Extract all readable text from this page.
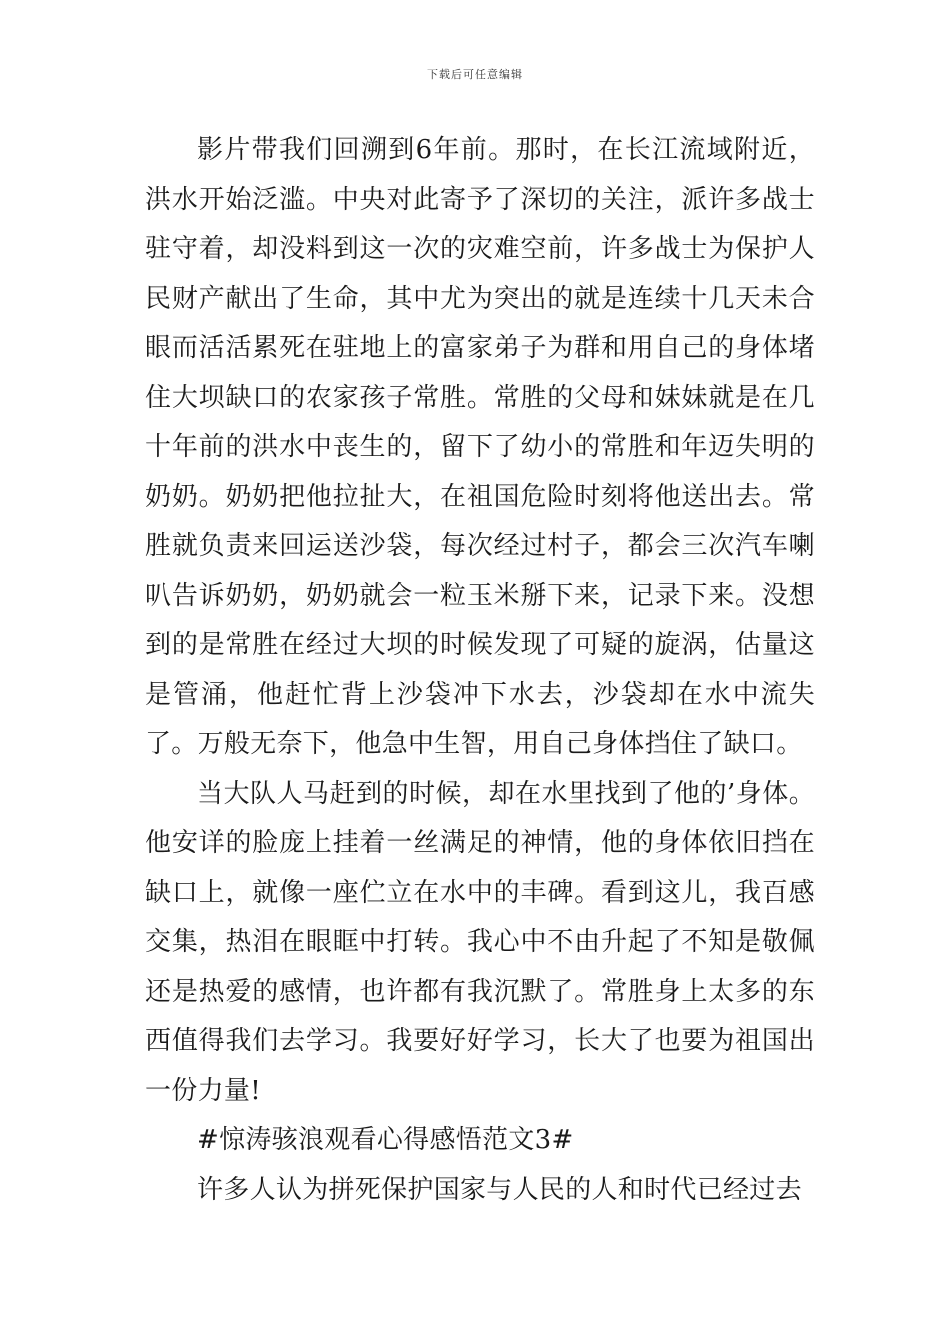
下载后可任意编辑

影片带我们回溯到6年前。那时，在长江流域附近，洪水开始泛滥。中央对此寄予了深切的关注，派许多战士驻守着，却没料到这一次的灾难空前，许多战士为保护人民财产献出了生命，其中尤为突出的就是连续十几天未合眼而活活累死在驻地上的富家弟子为群和用自己的身体堵住大坝缺口的农家孩子常胜。常胜的父母和妹妹就是在几十年前的洪水中丧生的，留下了幼小的常胜和年迈失明的奶奶。奶奶把他拉扯大，在祖国危险时刻将他送出去。常胜就负责来回运送沙袋，每次经过村子，都会三次汽车喇叭告诉奶奶，奶奶就会一粒玉米掰下来，记录下来。没想到的是常胜在经过大坝的时候发现了可疑的旋涡，估量这是管涌，他赶忙背上沙袋冲下水去，沙袋却在水中流失了。万般无奈下，他急中生智，用自己身体挡住了缺口。

当大队人马赶到的时候，却在水里找到了他的’身体。他安详的脸庞上挂着一丝满足的神情，他的身体依旧挡在缺口上，就像一座伫立在水中的丰碑。看到这儿，我百感交集，热泪在眼眶中打转。我心中不由升起了不知是敬佩还是热爱的感情，也许都有我沉默了。常胜身上太多的东西值得我们去学习。我要好好学习，长大了也要为祖国出一份力量!

#惊涛骇浪观看心得感悟范文3#

许多人认为拼死保护国家与人民的人和时代已经过去
